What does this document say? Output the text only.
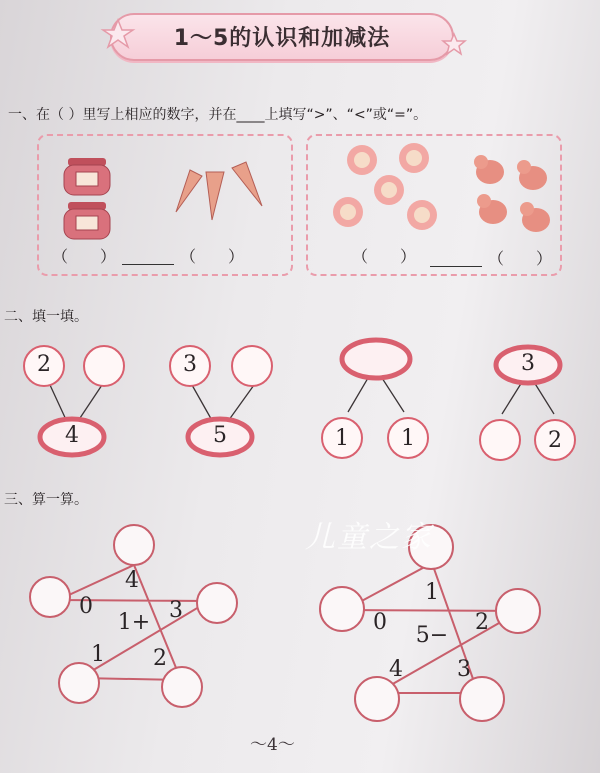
1～5的认识和加减法
一、在（ ）里写上相应的数字，并在____上填写“>”、“<”或“=”。
（　　）	（　　）	（　　）	（　　）
二、填一填。
2
4
3
5	1 1
3
2
三、算一算。
4
0	3
1+
1 2
1
0	2
5−
4 3
儿童之家
～4～
